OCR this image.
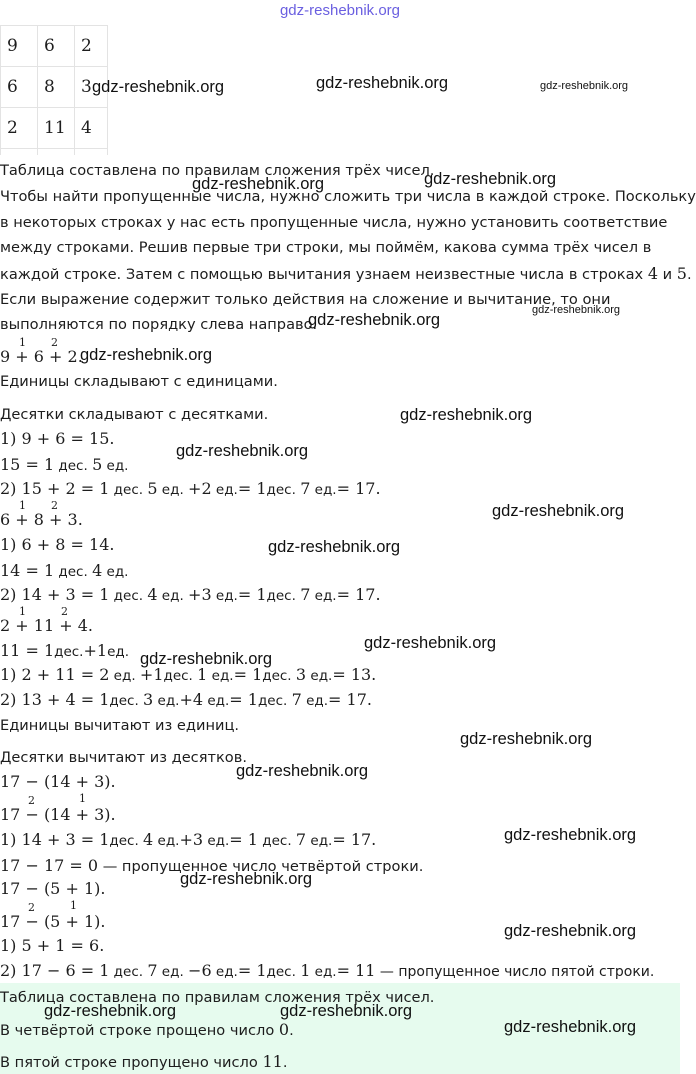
gdz-reshebnik.org
9	6	2
6	8	3
2	11	4

Таблица составлена по правилам сложения трёх чисел.
Чтобы найти пропущенные числа, нужно сложить три числа в каждой строке. Поскольку
в некоторых строках у нас есть пропущенные числа, нужно установить соответствие
между строками. Решив первые три строки, мы поймём, какова сумма трёх чисел в
каждой строке. Затем с помощью вычитания узнаем неизвестные числа в строках 4 и 5.
Если выражение содержит только действия на сложение и вычитание, то они
выполняются по порядку слева направо.
1 2
9 + 6 + 2.
Единицы складывают с единицами.
Десятки складывают с десятками.
1) 9 + 6 = 15.
15 = 1 дес. 5 ед.
2) 15 + 2 = 1 дес. 5 ед. +2 ед.= 1дес. 7 ед.= 17.
1 2
6 + 8 + 3.
1) 6 + 8 = 14.
14 = 1 дес. 4 ед.
2) 14 + 3 = 1 дес. 4 ед. +3 ед.= 1дес. 7 ед.= 17.
1	2
2 + 11 + 4.
11 = 1дес.+1ед.
1) 2 + 11 = 2 ед. +1дес. 1 ед.= 1дес. 3 ед.= 13.
2) 13 + 4 = 1дес. 3 ед.+4 ед.= 1дес. 7 ед.= 17.
Единицы вычитают из единиц.
Десятки вычитают из десятков.
17 − (14 + 3).
2	1
17 − (14 + 3).
1) 14 + 3 = 1дес. 4 ед.+3 ед.= 1 дес. 7 ед.= 17.
17 − 17 = 0 — пропущенное число четвёртой строки.
17 − (5 + 1).
2	1
17 − (5 + 1).
1) 5 + 1 = 6.
2) 17 − 6 = 1 дес. 7 ед. −6 ед.= 1дес. 1 ед.= 11 — пропущенное число пятой строки.
Таблица составлена по правилам сложения трёх чисел.
В четвёртой строке прощено число 0.
В пятой строке пропущено число 11.
gdz-reshebnik.org	gdz-reshebnik.org	gdz-reshebnik.org
gdz-reshebnik.org	gdz-reshebnik.org
gdz-reshebnik.org
gdz-reshebnik.org
gdz-reshebnik.org
gdz-reshebnik.org
gdz-reshebnik.org
gdz-reshebnik.org
gdz-reshebnik.org
gdz-reshebnik.org
gdz-reshebnik.org
gdz-reshebnik.org
gdz-reshebnik.org
gdz-reshebnik.org
gdz-reshebnik.org
gdz-reshebnik.org
gdz-reshebnik.org	gdz-reshebnik.org
gdz-reshebnik.org
